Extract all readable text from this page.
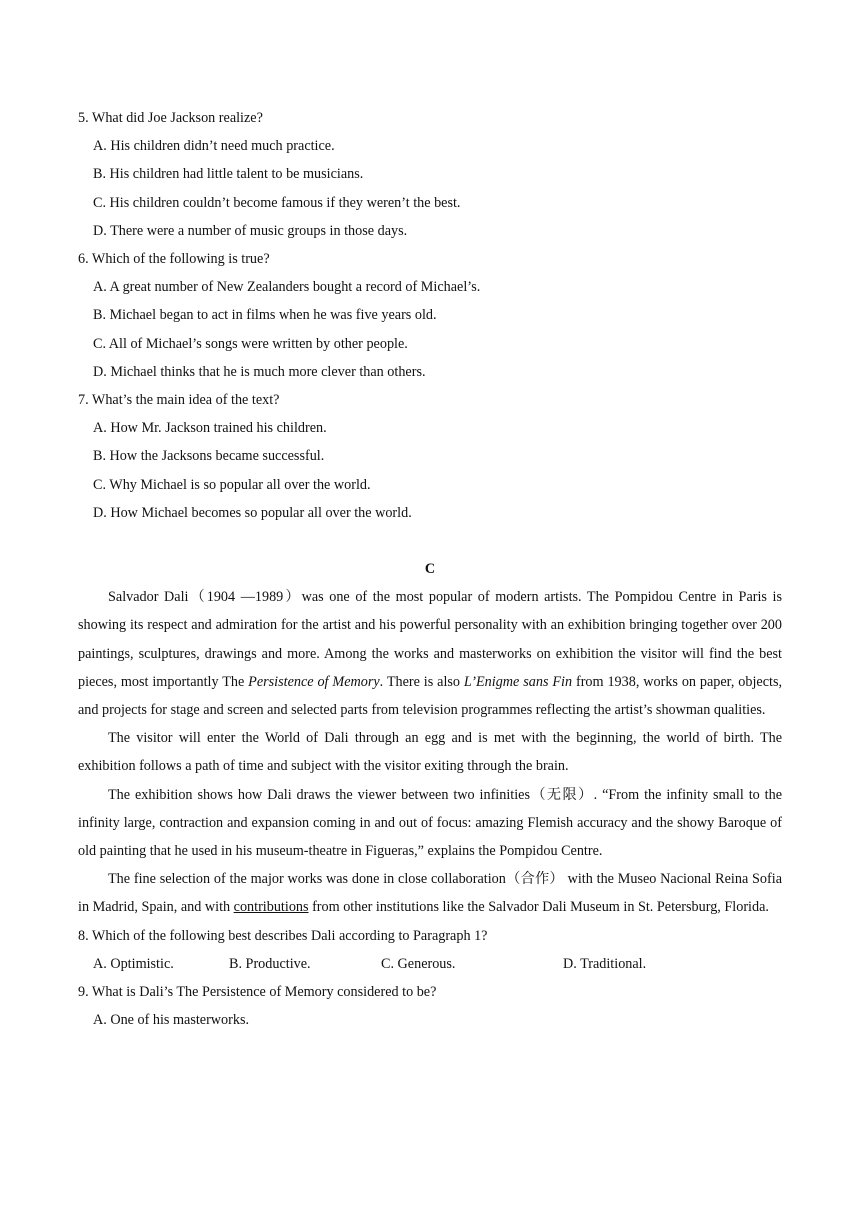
5. What did Joe Jackson realize?
A. His children didn’t need much practice.
B. His children had little talent to be musicians.
C. His children couldn’t become famous if they weren’t the best.
D. There were a number of music groups in those days.
6. Which of the following is true?
A. A great number of New Zealanders bought a record of Michael’s.
B. Michael began to act in films when he was five years old.
C. All of Michael’s songs were written by other people.
D. Michael thinks that he is much more clever than others.
7. What’s the main idea of the text?
A. How Mr. Jackson trained his children.
B. How the Jacksons became successful.
C. Why Michael is so popular all over the world.
D. How Michael becomes so popular all over the world.
C
Salvador Dali（1904 —1989）was one of the most popular of modern artists. The Pompidou Centre in Paris is showing its respect and admiration for the artist and his powerful personality with an exhibition bringing together over 200 paintings, sculptures, drawings and more. Among the works and masterworks on exhibition the visitor will find the best pieces, most importantly The Persistence of Memory. There is also L’Enigme sans Fin from 1938, works on paper, objects, and projects for stage and screen and selected parts from television programmes reflecting the artist’s showman qualities.
The visitor will enter the World of Dali through an egg and is met with the beginning, the world of birth. The exhibition follows a path of time and subject with the visitor exiting through the brain.
The exhibition shows how Dali draws the viewer between two infinities（无限）. “From the infinity small to the infinity large, contraction and expansion coming in and out of focus: amazing Flemish accuracy and the showy Baroque of old painting that he used in his museum-theatre in Figueras,” explains the Pompidou Centre.
The fine selection of the major works was done in close collaboration（合作） with the Museo Nacional Reina Sofia in Madrid, Spain, and with contributions from other institutions like the Salvador Dali Museum in St. Petersburg, Florida.
8. Which of the following best describes Dali according to Paragraph 1?
A. Optimistic.	B. Productive.	C. Generous.	D. Traditional.
9. What is Dali’s The Persistence of Memory considered to be?
A. One of his masterworks.
